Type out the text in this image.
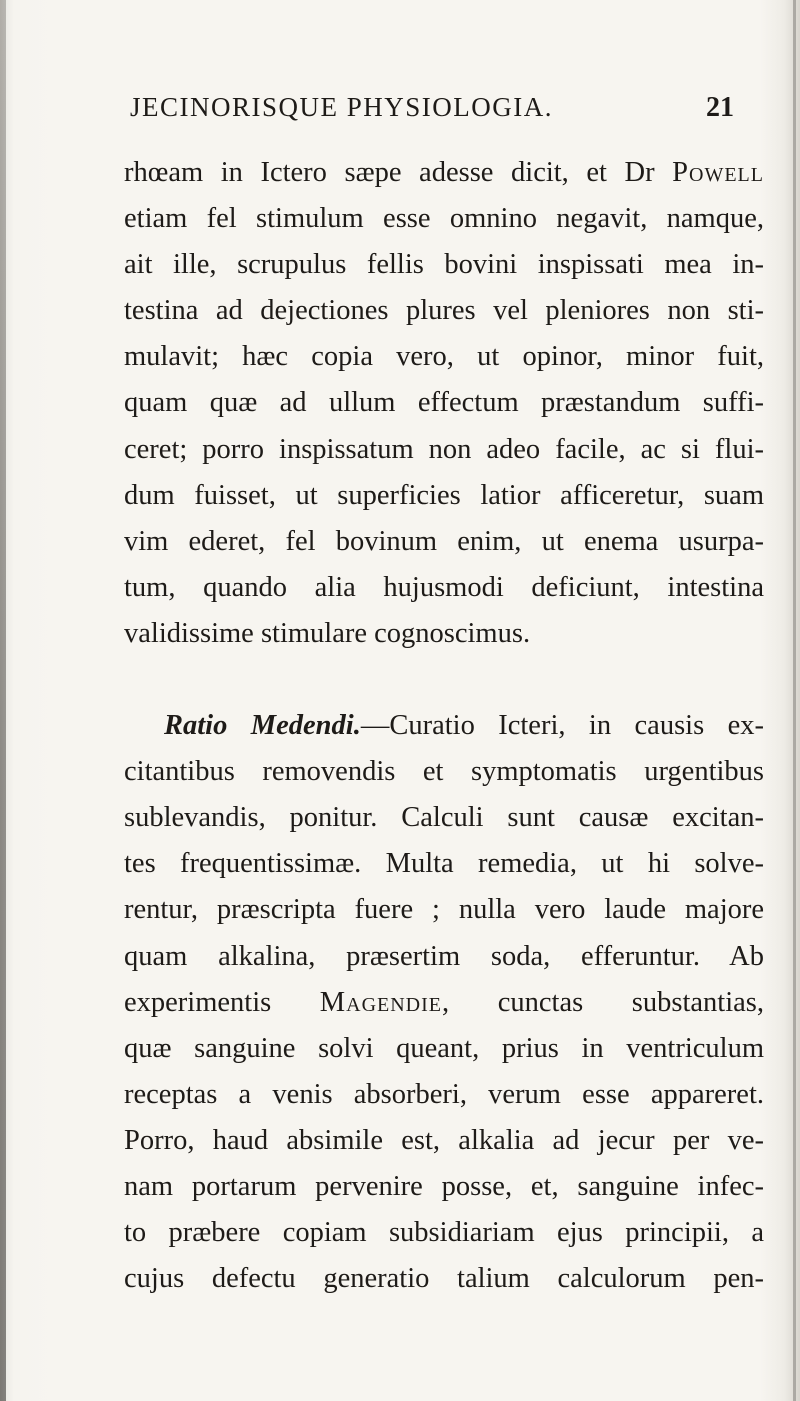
JECINORISQUE PHYSIOLOGIA.	21
rhœam in Ictero sæpe adesse dicit, et Dr Powell
etiam fel stimulum esse omnino negavit, namque,
ait ille, scrupulus fellis bovini inspissati mea in-
testina ad dejectiones plures vel pleniores non sti-
mulavit; hæc copia vero, ut opinor, minor fuit,
quam quæ ad ullum effectum præstandum suffi-
ceret; porro inspissatum non adeo facile, ac si flui-
dum fuisset, ut superficies latior afficeretur, suam
vim ederet, fel bovinum enim, ut enema usurpa-
tum, quando alia hujusmodi deficiunt, intestina
validissime stimulare cognoscimus.
Ratio Medendi.—Curatio Icteri, in causis ex-
citantibus removendis et symptomatis urgentibus
sublevandis, ponitur. Calculi sunt causæ excitan-
tes frequentissimæ. Multa remedia, ut hi solve-
rentur, præscripta fuere ; nulla vero laude majore
quam alkalina, præsertim soda, efferuntur. Ab
experimentis Magendie, cunctas substantias,
quæ sanguine solvi queant, prius in ventriculum
receptas a venis absorberi, verum esse appareret.
Porro, haud absimile est, alkalia ad jecur per ve-
nam portarum pervenire posse, et, sanguine infec-
to præbere copiam subsidiariam ejus principii, a
cujus defectu generatio talium calculorum pen-
